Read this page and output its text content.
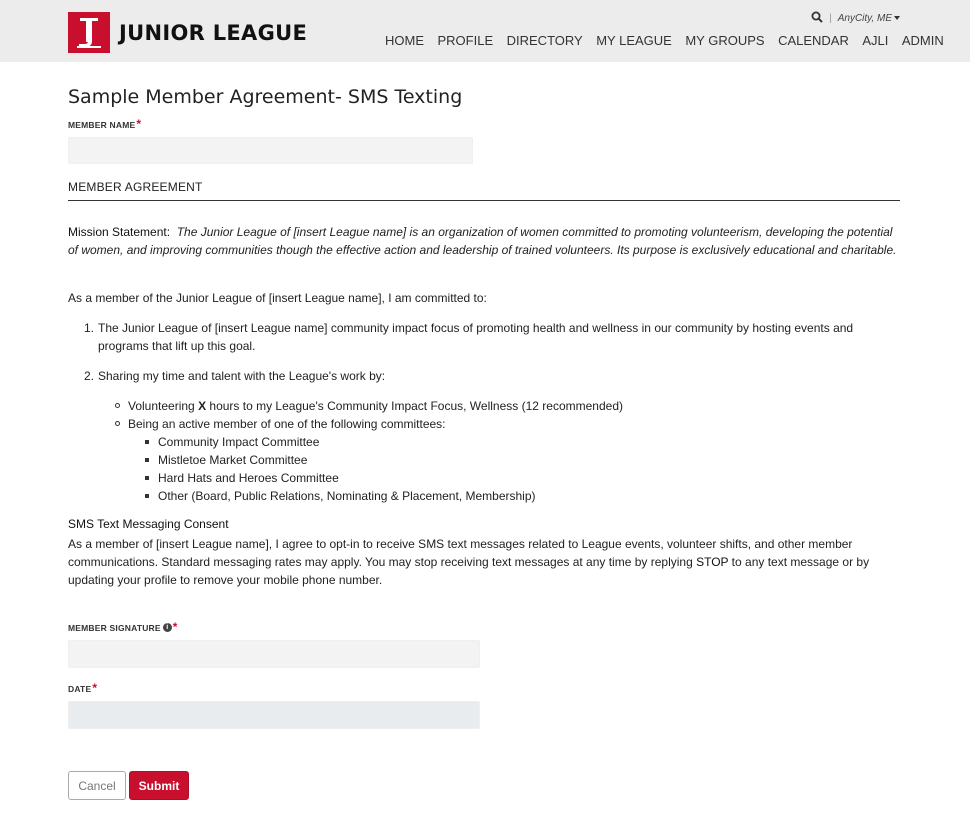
JUNIOR LEAGUE
| AnyCity, ME
HOME PROFILE DIRECTORY MY LEAGUE MY GROUPS CALENDAR AJLI ADMIN
Sample Member Agreement- SMS Texting
MEMBER NAME*
MEMBER AGREEMENT
Mission Statement: The Junior League of [insert League name] is an organization of women committed to promoting volunteerism, developing the potential of women, and improving communities though the effective action and leadership of trained volunteers. Its purpose is exclusively educational and charitable.
As a member of the Junior League of [insert League name], I am committed to:
1. The Junior League of [insert League name] community impact focus of promoting health and wellness in our community by hosting events and programs that lift up this goal.
2. Sharing my time and talent with the League's work by:
Volunteering X hours to my League's Community Impact Focus, Wellness (12 recommended)
Being an active member of one of the following committees:
Community Impact Committee
Mistletoe Market Committee
Hard Hats and Heroes Committee
Other (Board, Public Relations, Nominating & Placement, Membership)
SMS Text Messaging Consent
As a member of [insert League name], I agree to opt-in to receive SMS text messages related to League events, volunteer shifts, and other member communications. Standard messaging rates may apply. You may stop receiving text messages at any time by replying STOP to any text message or by updating your profile to remove your mobile phone number.
MEMBER SIGNATURE i *
DATE*
Cancel	Submit
